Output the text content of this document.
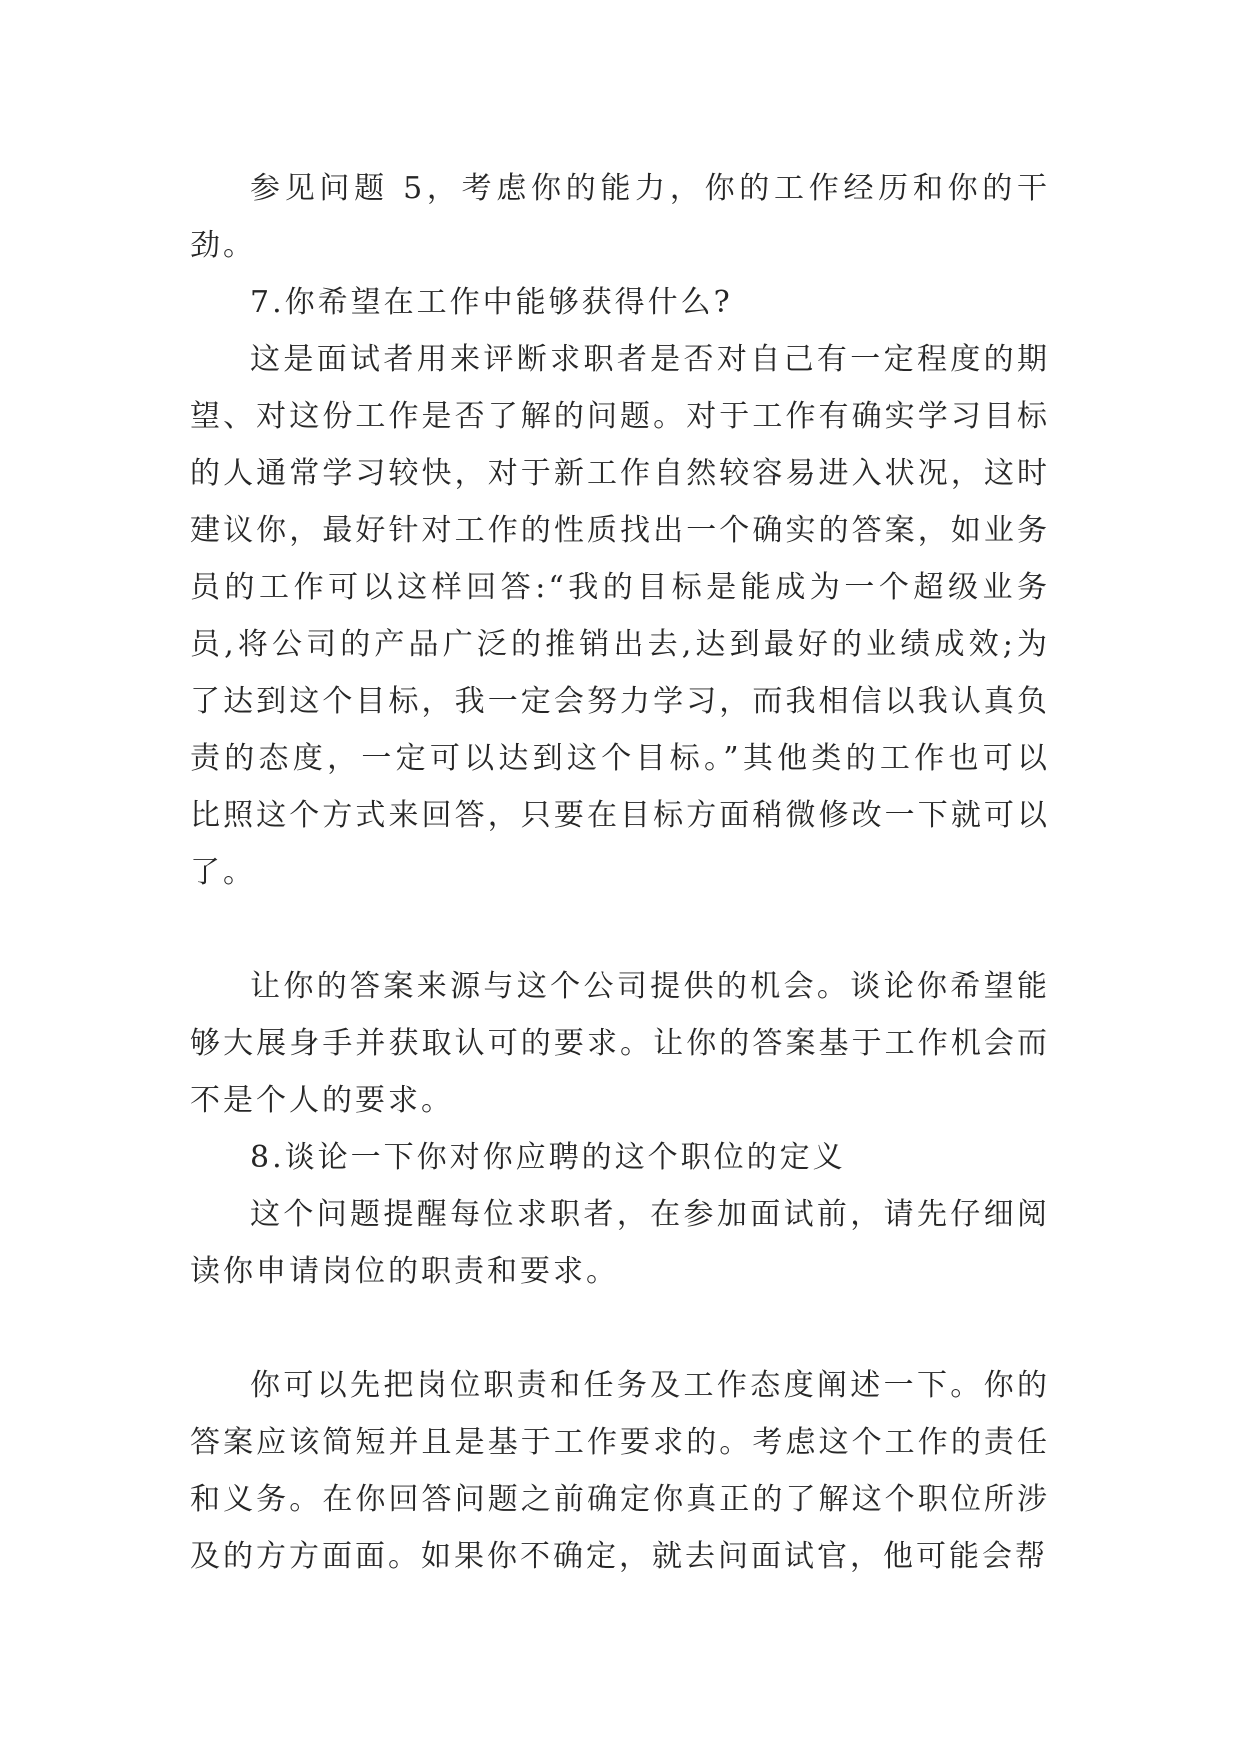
参见问题 5，考虑你的能力，你的工作经历和你的干劲。

7.你希望在工作中能够获得什么?

这是面试者用来评断求职者是否对自己有一定程度的期望、对这份工作是否了解的问题。对于工作有确实学习目标的人通常学习较快，对于新工作自然较容易进入状况，这时建议你，最好针对工作的性质找出一个确实的答案，如业务员的工作可以这样回答:“我的目标是能成为一个超级业务员,将公司的产品广泛的推销出去,达到最好的业绩成效;为了达到这个目标，我一定会努力学习，而我相信以我认真负责的态度，一定可以达到这个目标。”其他类的工作也可以比照这个方式来回答，只要在目标方面稍微修改一下就可以了。

让你的答案来源与这个公司提供的机会。谈论你希望能够大展身手并获取认可的要求。让你的答案基于工作机会而不是个人的要求。

8.谈论一下你对你应聘的这个职位的定义

这个问题提醒每位求职者，在参加面试前，请先仔细阅读你申请岗位的职责和要求。

你可以先把岗位职责和任务及工作态度阐述一下。你的答案应该简短并且是基于工作要求的。考虑这个工作的责任和义务。在你回答问题之前确定你真正的了解这个职位所涉及的方方面面。如果你不确定，就去问面试官，他可能会帮
